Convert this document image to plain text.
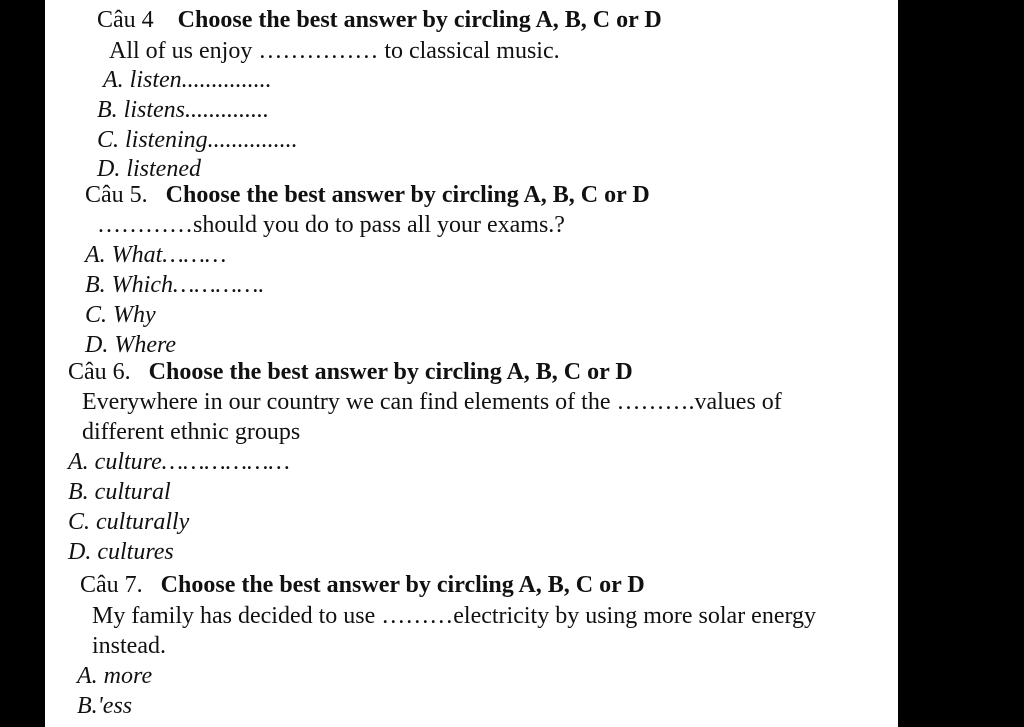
Câu 4 Choose the best answer by circling A, B, C or D
All of us enjoy …………… to classical music.
A. listen...............
B. listens..............
C. listening...............
D. listened
Câu 5. Choose the best answer by circling A, B, C or D
…………should you do to pass all your exams.?
A. What………
B. Which………….
C. Why
D. Where
Câu 6. Choose the best answer by circling A, B, C or D
Everywhere in our country we can find elements of the ……….values of
different ethnic groups
A. culture………………
B. cultural
C. culturally
D. cultures
Câu 7. Choose the best answer by circling A, B, C or D
My family has decided to use ………electricity by using more solar energy
instead.
A. more
B.'ess
